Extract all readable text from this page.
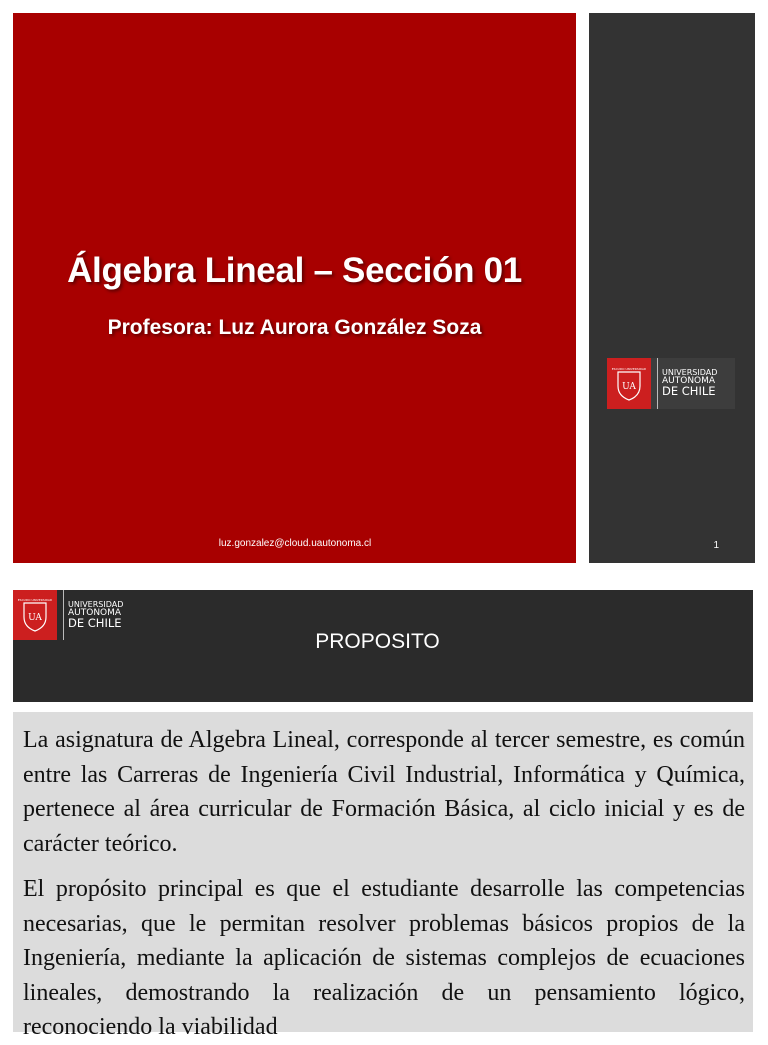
Álgebra Lineal – Sección 01
Profesora: Luz Aurora González Soza
luz.gonzalez@cloud.uautonoma.cl	1
ESCUDO UNIVERSIDAD
UA
UNIVERSIDAD
AUTONOMA
DE CHILE
ESCUDO UNIVERSIDAD
UA
UNIVERSIDAD
AUTONOMA
DE CHILE
PROPOSITO

La asignatura de Algebra Lineal, corresponde al tercer semestre, es común entre las Carreras de Ingeniería Civil Industrial, Informática y Química, pertenece al área curricular de Formación Básica, al ciclo inicial y es de carácter teórico.

El propósito principal es que el estudiante desarrolle las competencias necesarias, que le permitan resolver problemas básicos propios de la Ingeniería, mediante la aplicación de sistemas complejos de ecuaciones lineales, demostrando la realización de un pensamiento lógico, reconociendo la viabilidad
